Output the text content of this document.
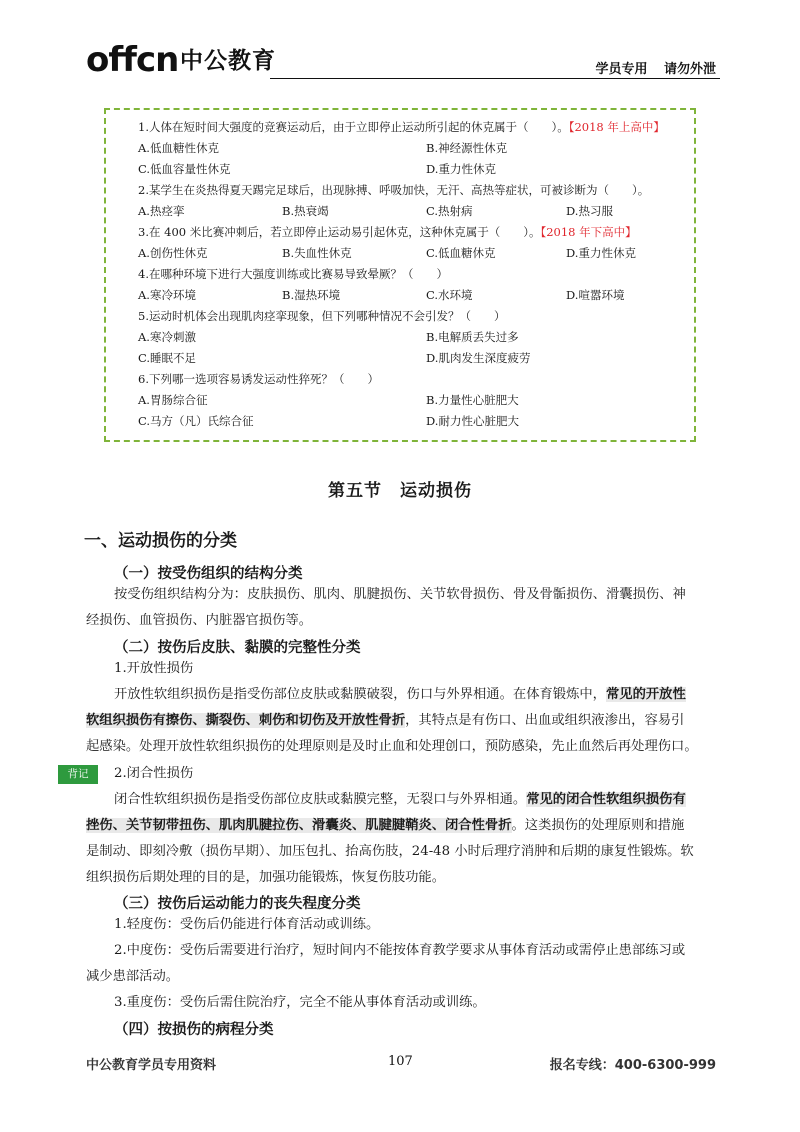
offcn 中公教育	学员专用 请勿外泄
1.人体在短时间大强度的竞赛运动后，由于立即停止运动所引起的休克属于（　　）。【2018 年上高中】
A.低血糖性休克	B.神经源性休克
C.低血容量性休克	D.重力性休克
2.某学生在炎热得夏天踢完足球后，出现脉搏、呼吸加快，无汗、高热等症状，可被诊断为（　　）。
A.热痉挛	B.热衰竭	C.热射病	D.热习服
3.在 400 米比赛冲刺后，若立即停止运动易引起休克，这种休克属于（　　）。【2018 年下高中】
A.创伤性休克	B.失血性休克	C.低血糖休克	D.重力性休克
4.在哪种环境下进行大强度训练或比赛易导致晕厥？（　　）
A.寒冷环境	B.湿热环境	C.水环境	D.喧嚣环境
5.运动时机体会出现肌肉痉挛现象，但下列哪种情况不会引发？（　　）
A.寒冷刺激	B.电解质丢失过多
C.睡眠不足	D.肌肉发生深度疲劳
6.下列哪一选项容易诱发运动性猝死？（　　）
A.胃肠综合征	B.力量性心脏肥大
C.马方（凡）氏综合征	D.耐力性心脏肥大
第五节　运动损伤
一、运动损伤的分类
（一）按受伤组织的结构分类
按受伤组织结构分为：皮肤损伤、肌肉、肌腱损伤、关节软骨损伤、骨及骨骺损伤、滑囊损伤、神
经损伤、血管损伤、内脏器官损伤等。
（二）按伤后皮肤、黏膜的完整性分类
1.开放性损伤
开放性软组织损伤是指受伤部位皮肤或黏膜破裂，伤口与外界相通。在体育锻炼中，常见的开放性
软组织损伤有擦伤、撕裂伤、刺伤和切伤及开放性骨折，其特点是有伤口、出血或组织液渗出，容易引
起感染。处理开放性软组织损伤的处理原则是及时止血和处理创口，预防感染，先止血然后再处理伤口。
背记	2.闭合性损伤
闭合性软组织损伤是指受伤部位皮肤或黏膜完整，无裂口与外界相通。常见的闭合性软组织损伤有
挫伤、关节韧带扭伤、肌肉肌腱拉伤、滑囊炎、肌腱腱鞘炎、闭合性骨折。这类损伤的处理原则和措施
是制动、即刻冷敷（损伤早期）、加压包扎、抬高伤肢，24-48 小时后理疗消肿和后期的康复性锻炼。软
组织损伤后期处理的目的是，加强功能锻炼，恢复伤肢功能。
（三）按伤后运动能力的丧失程度分类
1.轻度伤：受伤后仍能进行体育活动或训练。
2.中度伤：受伤后需要进行治疗，短时间内不能按体育教学要求从事体育活动或需停止患部练习或
减少患部活动。
3.重度伤：受伤后需住院治疗，完全不能从事体育活动或训练。
（四）按损伤的病程分类
中公教育学员专用资料	107	报名专线：400-6300-999
